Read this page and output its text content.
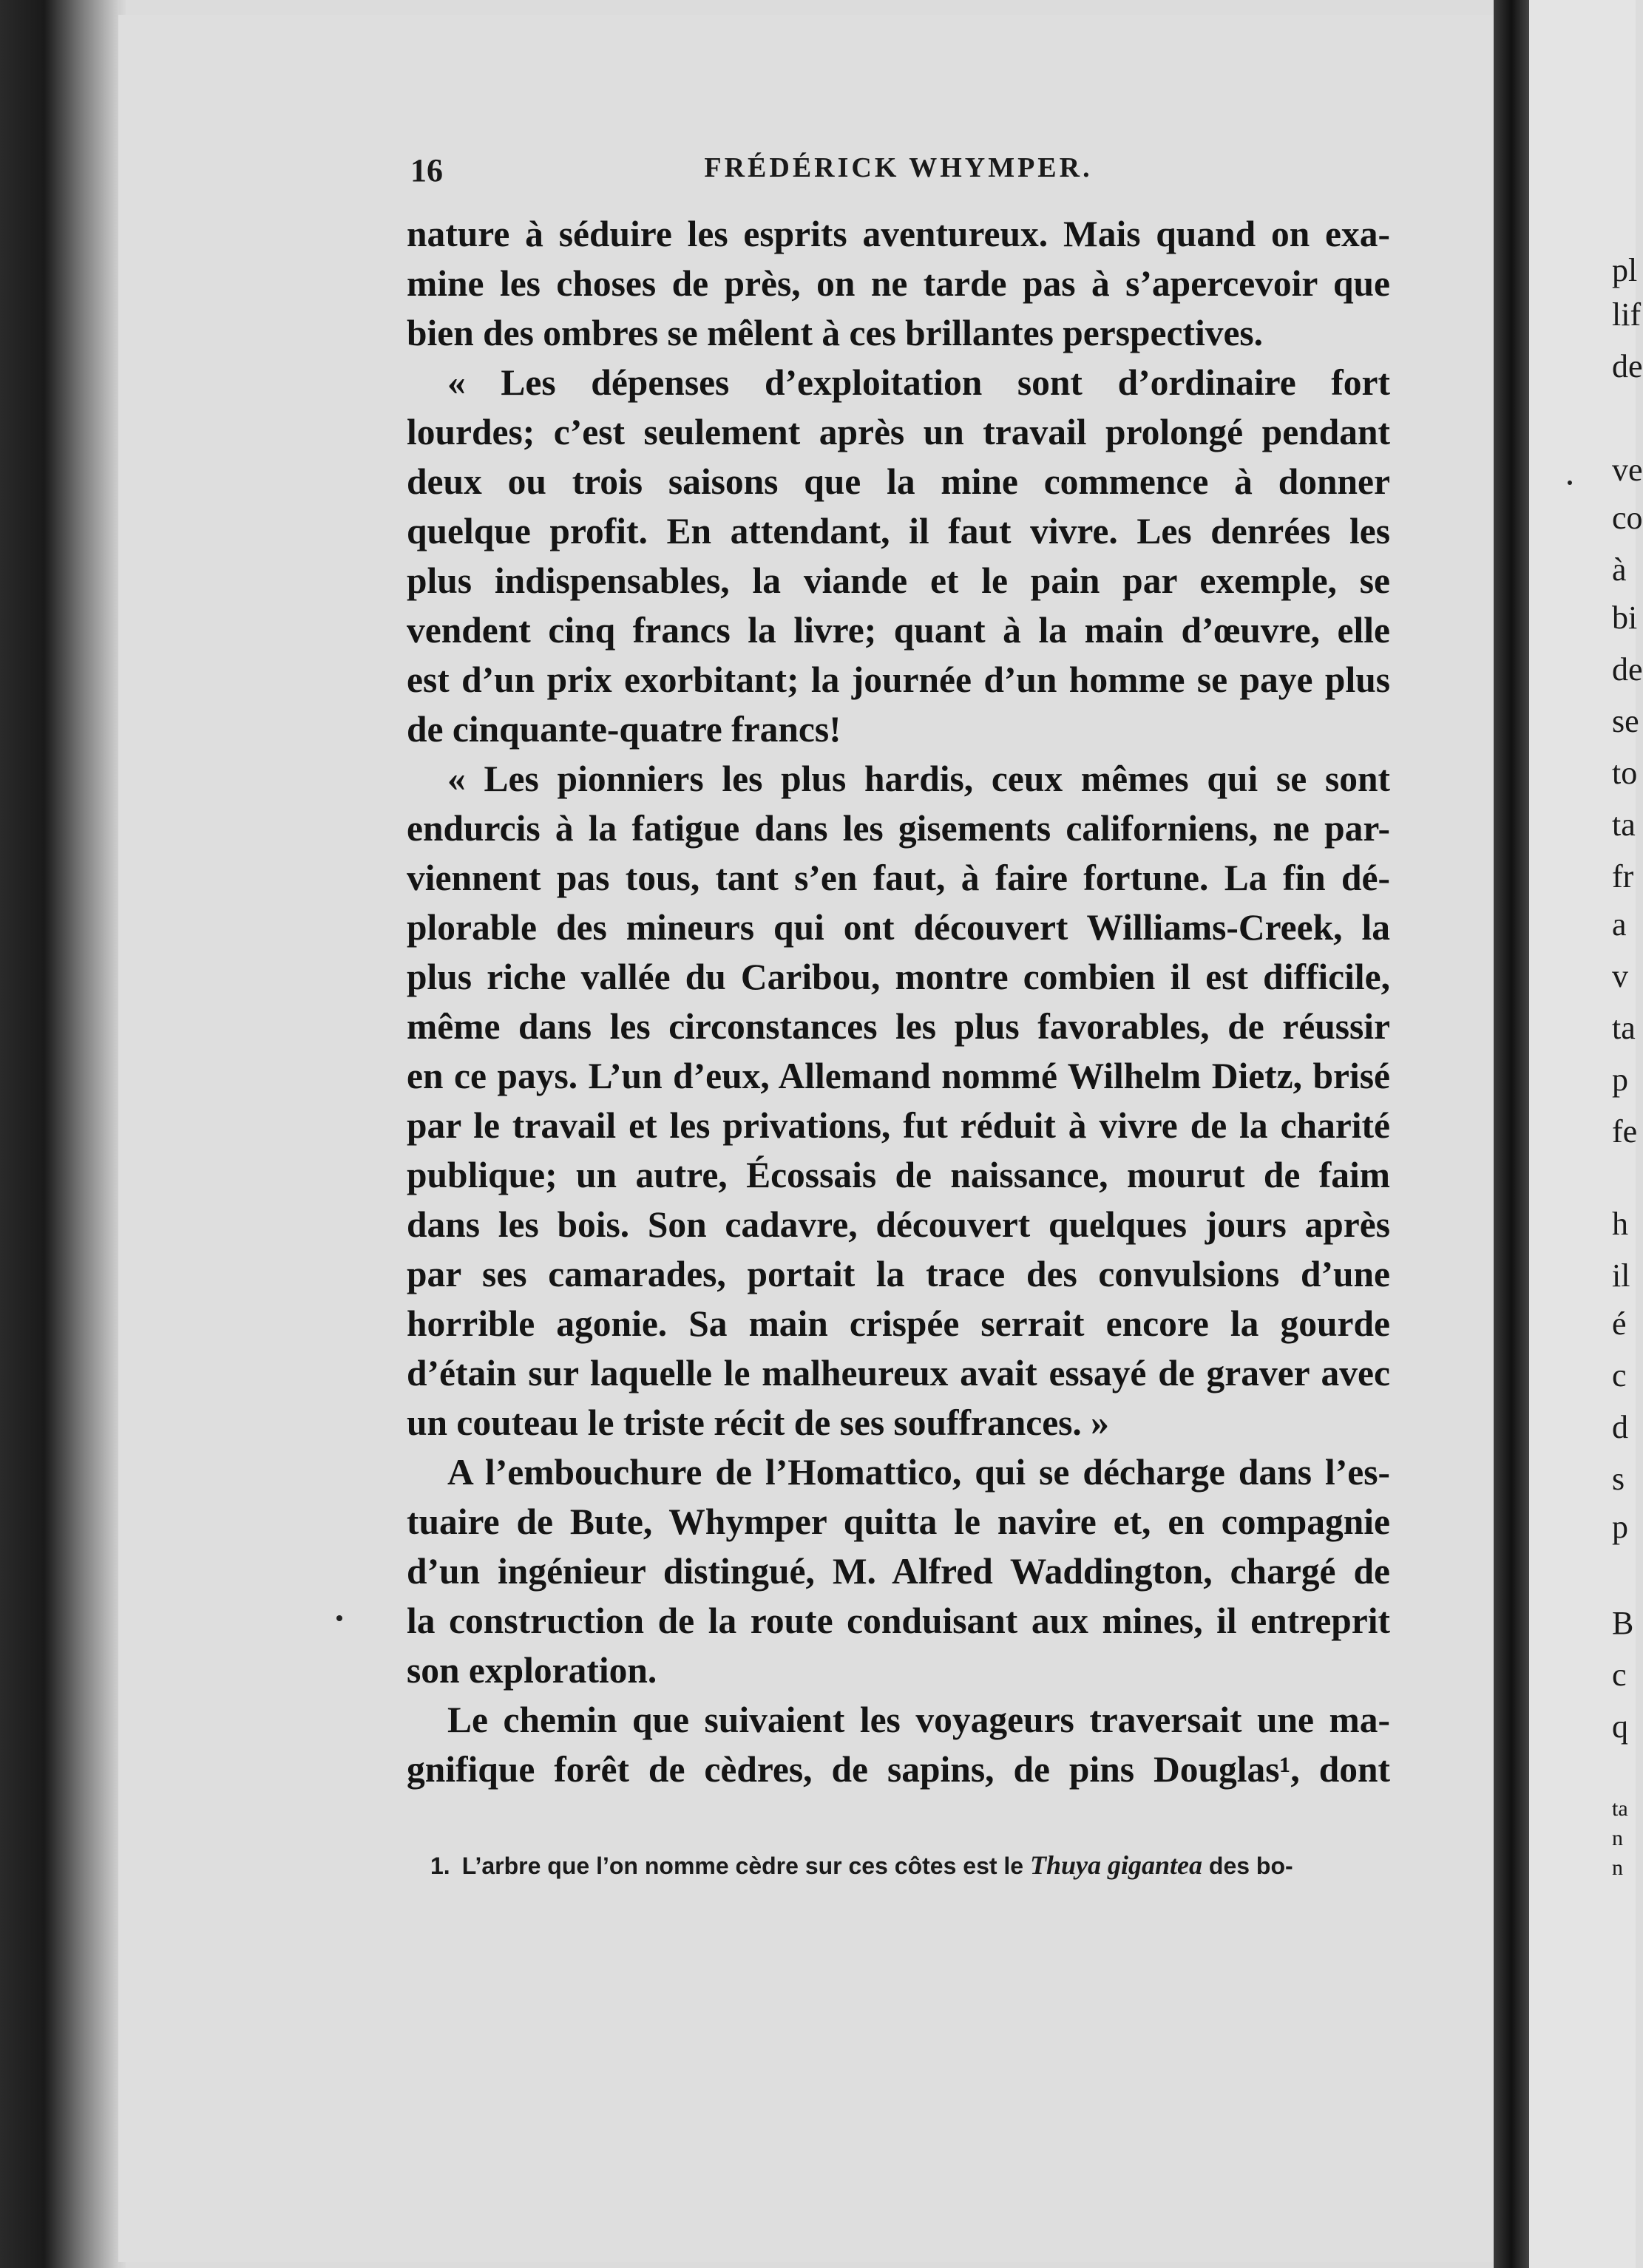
16	FRÉDÉRICK WHYMPER.
nature à séduire les esprits aventureux. Mais quand on exa-
mine les choses de près, on ne tarde pas à s’apercevoir que
bien des ombres se mêlent à ces brillantes perspectives.
« Les dépenses d’exploitation sont d’ordinaire fort
lourdes; c’est seulement après un travail prolongé pendant
deux ou trois saisons que la mine commence à donner
quelque profit. En attendant, il faut vivre. Les denrées les
plus indispensables, la viande et le pain par exemple, se
vendent cinq francs la livre; quant à la main d’œuvre, elle
est d’un prix exorbitant; la journée d’un homme se paye plus
de cinquante-quatre francs!
« Les pionniers les plus hardis, ceux mêmes qui se sont
endurcis à la fatigue dans les gisements californiens, ne par-
viennent pas tous, tant s’en faut, à faire fortune. La fin dé-
plorable des mineurs qui ont découvert Williams-Creek, la
plus riche vallée du Caribou, montre combien il est difficile,
même dans les circonstances les plus favorables, de réussir
en ce pays. L’un d’eux, Allemand nommé Wilhelm Dietz, brisé
par le travail et les privations, fut réduit à vivre de la charité
publique; un autre, Écossais de naissance, mourut de faim
dans les bois. Son cadavre, découvert quelques jours après
par ses camarades, portait la trace des convulsions d’une
horrible agonie. Sa main crispée serrait encore la gourde
d’étain sur laquelle le malheureux avait essayé de graver avec
un couteau le triste récit de ses souffrances. »
A l’embouchure de l’Homattico, qui se décharge dans l’es-
tuaire de Bute, Whymper quitta le navire et, en compagnie
d’un ingénieur distingué, M. Alfred Waddington, chargé de
la construction de la route conduisant aux mines, il entreprit
son exploration.
Le chemin que suivaient les voyageurs traversait une ma-
gnifique forêt de cèdres, de sapins, de pins Douglas¹, dont
1. L’arbre que l’on nomme cèdre sur ces côtes est le Thuya gigantea des bo-
pl
lif
de
ve
co
à
bi
de
se
to
ta
fr
a
v
ta
p
fe
h
il
é
c
d
s
p
B
c
q
ta
n
n
